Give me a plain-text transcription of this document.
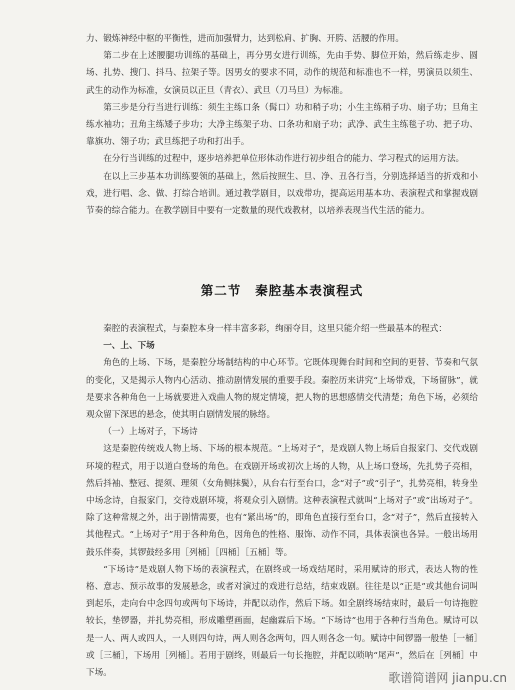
力、锻炼神经中枢的平衡性，进而加强臂力，达到松肩、扩胸、开胯、活腰的作用。

第二步在上述腰腿功训练的基础上，再分男女进行训练，先由手势、脚位开始，然后练走步、圆场、扎势、搜门、抖马、拉架子等。因男女的要求不同，动作的规范和标准也不一样，男演员以须生、武生的动作为标准，女演员以正旦（青衣）、武旦（刀马旦）为标准。

第三步是分行当进行训练：须生主练口条（髯口）功和稍子功；小生主练稍子功、扇子功；旦角主练水袖功；丑角主练矮子步功；大净主练架子功、口条功和扇子功；武净、武生主练毯子功、把子功、靠旗功、翎子功；武旦练把子功和打出手。

在分行当训练的过程中，逐步培养把单位形体动作进行初步组合的能力、学习程式的运用方法。

在以上三步基本功训练要领的基础上，然后按照生、旦、净、丑各行当，分别选择适当的折戏和小戏，进行唱、念、做、打综合培训。通过教学剧目，以戏带功，提高运用基本功、表演程式和掌握戏剧节奏的综合能力。在教学剧目中要有一定数量的现代戏教材，以培养表现当代生活的能力。

第二节 秦腔基本表演程式

秦腔的表演程式，与秦腔本身一样丰富多彩，绚丽夺目，这里只能介绍一些最基本的程式：

一、上、下场

角色的上场、下场，是秦腔分场制结构的中心环节。它既体现舞台时间和空间的更替、节奏和气氛的变化，又是揭示人物内心活动、推动剧情发展的重要手段。秦腔历来讲究“上场带戏，下场留脉”，就是要求各种角色一上场就要进入戏曲人物的规定情境，把人物的思想感情交代清楚；角色下场，必须给观众留下深思的悬念，使其明白剧情发展的脉络。

（一）上场对子，下场诗

这是秦腔传统戏人物上场、下场的根本规范。“上场对子”，是戏剧人物上场后自报家门、交代戏剧环境的程式，用于以道白登场的角色。在戏剧开场或初次上场的人物，从上场口登场，先扎势子亮相，然后抖袖、整冠、提须、理须（女角侧抹鬓），从台右行至台口，念“对子”或“引子”，扎势亮相，转身坐中场念诗，自报家门，交待戏剧环境，将观众引入剧情。这种表演程式就叫“上场对子”或“出场对子”。除了这种常规之外，出于剧情需要，也有“紧出场”的，即角色直接行至台口，念“对子”，然后直接转入其他程式。“上场对子”用于各种角色，因角色的性格、服饰、动作不同，具体表演也各异。一般出场用鼓乐伴奏，其锣鼓经多用［列桶］［四桶］［五桶］等。

“下场诗”是戏剧人物下场的表演程式，在剧终或一场戏结尾时，采用赋诗的形式，表达人物的性格、意志、预示故事的发展悬念，或者对演过的戏进行总结，结束戏剧。往往是以“正是”或其他台词叫到起乐，走向台中念四句或两句下场诗，并配以动作，然后下场。如全剧终场结束时，最后一句诗拖腔较长，垫锣器，并扎势亮相，形成雕塑画面，起幽霖后下场。“下场诗”也用于各种行当角色。赋诗可以是一人、两人或四人，一人则四句诗，两人则各念两句，四人则各念一句。赋诗中间锣器一般垫［一桶］或［三桶］，下场用［列桶］。若用于剧终，则最后一句长拖腔，并配以唢呐“尾声”，然后在［列桶］中下场。	歌谱简谱网 jianpu.cn
